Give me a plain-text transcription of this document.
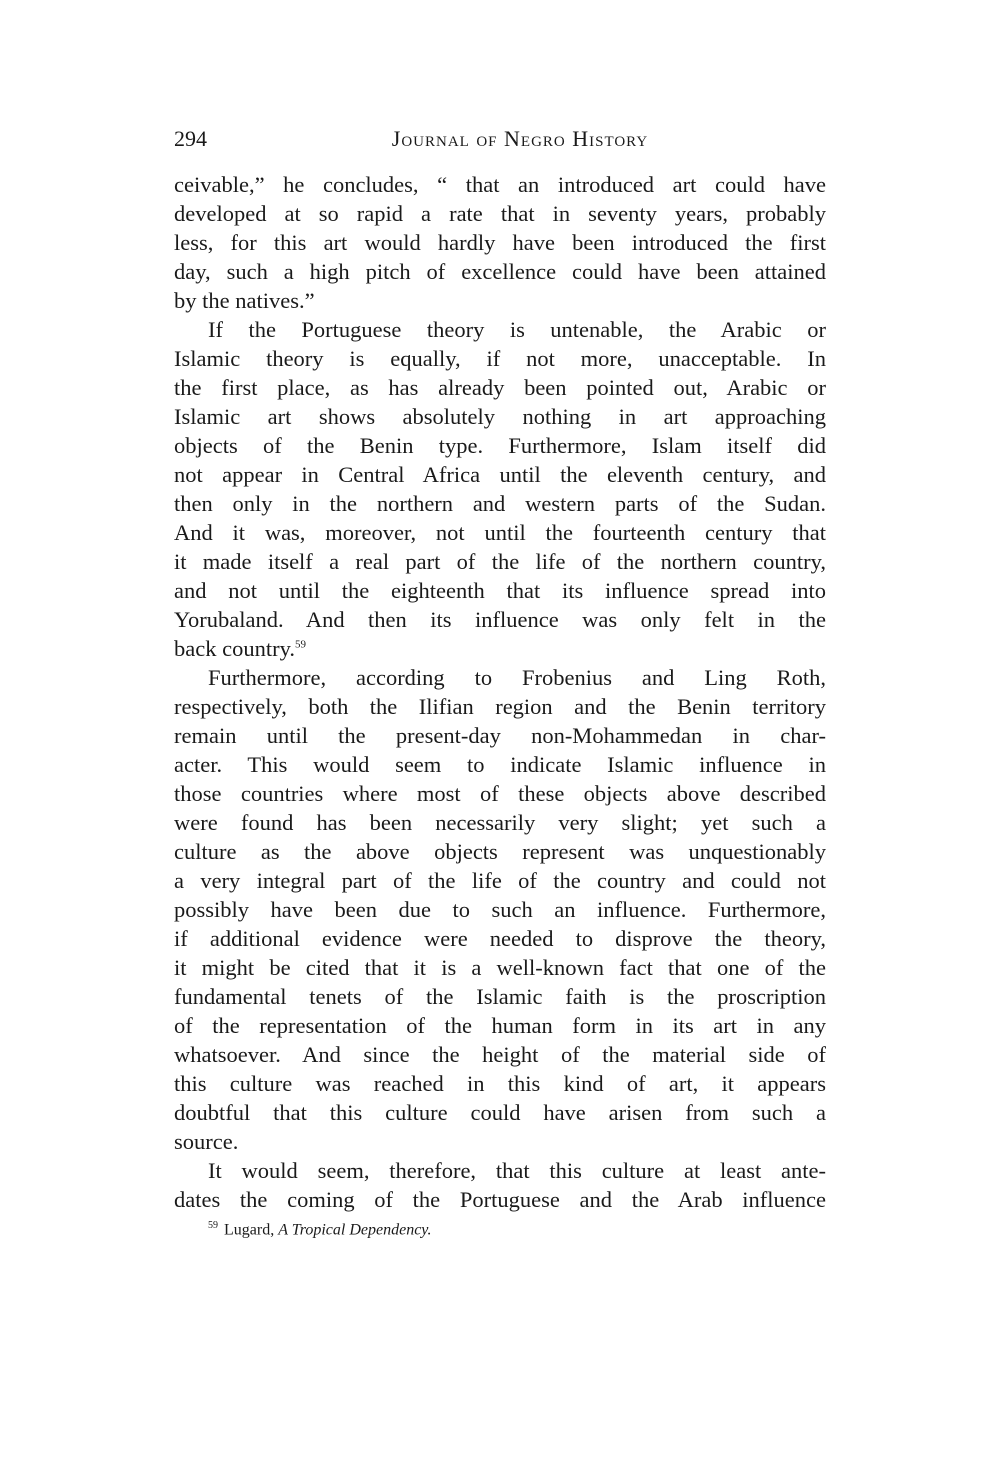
294	Journal of Negro History
ceivable,” he concludes, “ that an introduced art could have
developed at so rapid a rate that in seventy years, probably
less, for this art would hardly have been introduced the first
day, such a high pitch of excellence could have been attained
by the natives.”
If the Portuguese theory is untenable, the Arabic or
Islamic theory is equally, if not more, unacceptable. In
the first place, as has already been pointed out, Arabic or
Islamic art shows absolutely nothing in art approaching
objects of the Benin type. Furthermore, Islam itself did
not appear in Central Africa until the eleventh century, and
then only in the northern and western parts of the Sudan.
And it was, moreover, not until the fourteenth century that
it made itself a real part of the life of the northern country,
and not until the eighteenth that its influence spread into
Yorubaland. And then its influence was only felt in the
back country.$^{59}$
Furthermore, according to Frobenius and Ling Roth,
respectively, both the Ilifian region and the Benin territory
remain until the present-day non-Mohammedan in char-
acter. This would seem to indicate Islamic influence in
those countries where most of these objects above described
were found has been necessarily very slight; yet such a
culture as the above objects represent was unquestionably
a very integral part of the life of the country and could not
possibly have been due to such an influence. Furthermore,
if additional evidence were needed to disprove the theory,
it might be cited that it is a well-known fact that one of the
fundamental tenets of the Islamic faith is the proscription
of the representation of the human form in its art in any
whatsoever. And since the height of the material side of
this culture was reached in this kind of art, it appears
doubtful that this culture could have arisen from such a
source.
It would seem, therefore, that this culture at least ante-
dates the coming of the Portuguese and the Arab influence
$^{59}$ Lugard, A Tropical Dependency.
